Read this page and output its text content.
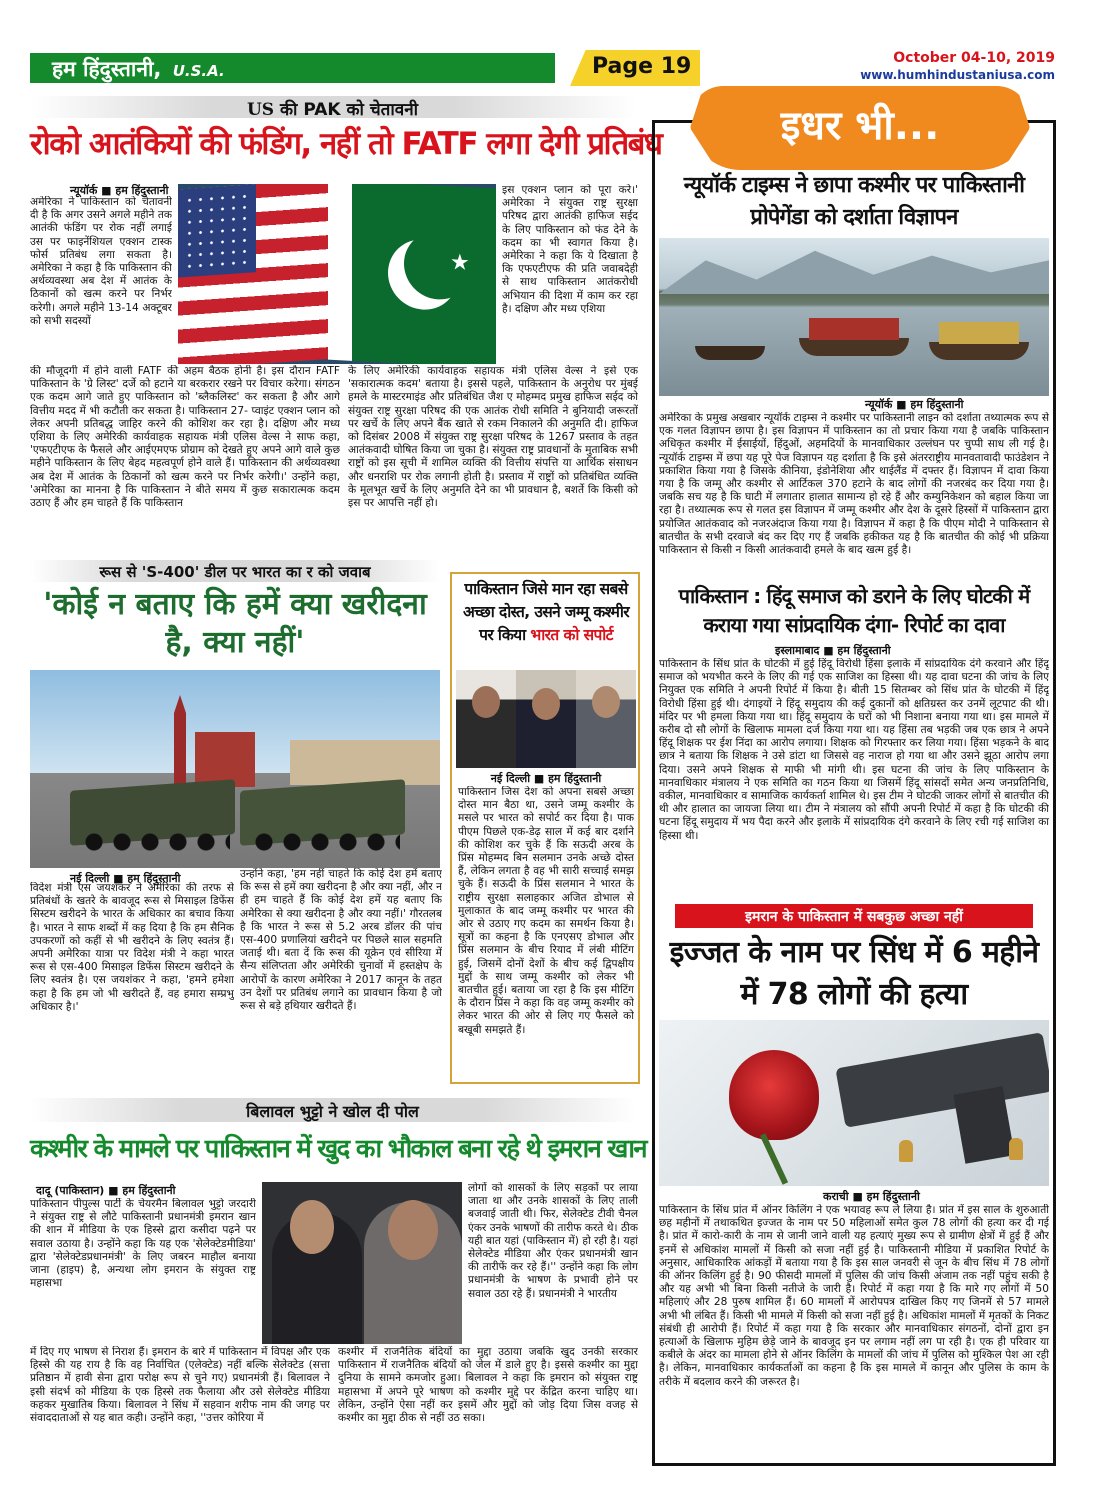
हम हिंदुस्तानी, U.S.A.	Page 19	October 04-10, 2019
www.humhindustaniusa.com
US की PAK को चेतावनी
रोको आतंकियों की फंडिंग, नहीं तो FATF लगा देगी प्रतिबंध
न्यूयॉर्क ■ हम हिंदुस्तानी
अमेरिका ने पाकिस्तान को चेतावनी दी है कि अगर उसने अगले महीने तक आतंकी फंडिंग पर रोक नहीं लगाई उस पर फाइनेंशियल एक्शन टास्क फोर्स प्रतिबंध लगा सकता है। अमेरिका ने कहा है कि पाकिस्तान की अर्थव्यवस्था अब देश में आतंक के ठिकानों को खत्म करने पर निर्भर करेगी। अगले महीने 13-14 अक्टूबर को सभी सदस्यों
★
इस एक्शन प्लान को पूरा करे।' अमेरिका ने संयुक्त राष्ट्र सुरक्षा परिषद द्वारा आतंकी हाफिज सईद के लिए पाकिस्तान को फंड देने के कदम का भी स्वागत किया है। अमेरिका ने कहा कि ये दिखाता है कि एफएटीएफ की प्रति जवाबदेही से साथ पाकिस्तान आतंकरोधी अभियान की दिशा में काम कर रहा है। दक्षिण और मध्य एशिया
की मौजूदगी में होने वाली FATF की अहम बैठक होनी है। इस दौरान FATF पाकिस्तान के 'ग्रे लिस्ट' दर्जे को हटाने या बरकरार रखने पर विचार करेगा। संगठन एक कदम आगे जाते हुए पाकिस्तान को 'ब्लैकलिस्ट' कर सकता है और आगे वित्तीय मदद में भी कटौती कर सकता है। पाकिस्तान 27- प्वाइंट एक्शन प्लान को लेकर अपनी प्रतिबद्ध जाहिर करने की कोशिश कर रहा है। दक्षिण और मध्य एशिया के लिए अमेरिकी कार्यवाहक सहायक मंत्री एलिस वेल्स ने साफ कहा, 'एफएटीएफ के फैसले और आईएमएफ प्रोग्राम को देखते हुए अपने आगे वाले कुछ महीने पाकिस्तान के लिए बेहद महत्वपूर्ण होने वाले हैं। पाकिस्तान की अर्थव्यवस्था अब देश में आतंक के ठिकानों को खत्म करने पर निर्भर करेगी।' उन्होंने कहा, 'अमेरिका का मानना है कि पाकिस्तान ने बीते समय में कुछ सकारात्मक कदम उठाए हैं और हम चाहते हैं कि पाकिस्तान
के लिए अमेरिकी कार्यवाहक सहायक मंत्री एलिस वेल्स ने इसे एक 'सकारात्मक कदम' बताया है। इससे पहले, पाकिस्तान के अनुरोध पर मुंबई हमले के मास्टरमाइंड और प्रतिबंधित जैश ए मोहम्मद प्रमुख हाफिज सईद को संयुक्त राष्ट्र सुरक्षा परिषद की एक आतंक रोधी समिति ने बुनियादी जरूरतों पर खर्चे के लिए अपने बैंक खाते से रकम निकालने की अनुमति दी। हाफिज को दिसंबर 2008 में संयुक्त राष्ट्र सुरक्षा परिषद के 1267 प्रस्ताव के तहत आतंकवादी घोषित किया जा चुका है। संयुक्त राष्ट्र प्रावधानों के मुताबिक सभी राष्ट्रों को इस सूची में शामिल व्यक्ति की वित्तीय संपत्ति या आर्थिक संसाधन और धनराशि पर रोक लगानी होती है। प्रस्ताव में राष्ट्रों को प्रतिबंधित व्यक्ति के मूलभूत खर्चे के लिए अनुमति देने का भी प्रावधान है, बशर्ते कि किसी को इस पर आपत्ति नहीं हो।
रूस से 'S-400' डील पर भारत का र को जवाब
'कोई न बताए कि हमें क्या खरीदना है, क्या नहीं'
नई दिल्ली ■ हम हिंदुस्तानी
विदेश मंत्री एस जयशंकर ने अमेरिका की तरफ से प्रतिबंधों के खतरे के बावजूद रूस से मिसाइल डिफेंस सिस्टम खरीदने के भारत के अधिकार का बचाव किया है। भारत ने साफ शब्दों में कह दिया है कि हम सैनिक उपकरणों को कहीं से भी खरीदने के लिए स्वतंत्र हैं। अपनी अमेरिका यात्रा पर विदेश मंत्री ने कहा भारत रूस से एस-400 मिसाइल डिफेंस सिस्टम खरीदने के लिए स्वतंत्र है। एस जयशंकर ने कहा, 'हमने हमेशा कहा है कि हम जो भी खरीदते हैं, वह हमारा सम्प्रभु अधिकार है।'
उन्होंने कहा, 'हम नहीं चाहते कि कोई देश हमें बताए कि रूस से हमें क्या खरीदना है और क्या नहीं, और न ही हम चाहते हैं कि कोई देश हमें यह बताए कि अमेरिका से क्या खरीदना है और क्या नहीं।' गौरतलब है कि भारत ने रूस से 5.2 अरब डॉलर की पांच एस-400 प्रणालियां खरीदने पर पिछले साल सहमति जताई थी। बता दें कि रूस की यूक्रेन एवं सीरिया में सैन्य संलिप्तता और अमेरिकी चुनावों में हस्तक्षेप के आरोपों के कारण अमेरिका ने 2017 कानून के तहत उन देशों पर प्रतिबंध लगाने का प्रावधान किया है जो रूस से बड़े हथियार खरीदते हैं।
पाकिस्तान जिसे मान रहा सबसे अच्छा दोस्त, उसने जम्मू कश्मीर पर किया भारत को सपोर्ट
नई दिल्ली ■ हम हिंदुस्तानी
पाकिस्तान जिस देश को अपना सबसे अच्छा दोस्त मान बैठा था, उसने जम्मू कश्मीर के मसले पर भारत को सपोर्ट कर दिया है। पाक पीएम पिछले एक-डेढ़ साल में कई बार दर्शाने की कोशिश कर चुके हैं कि सऊदी अरब के प्रिंस मोहम्मद बिन सलमान उनके अच्छे दोस्त हैं, लेकिन लगता है वह भी सारी सच्चाई समझ चुके हैं। सऊदी के प्रिंस सलमान ने भारत के राष्ट्रीय सुरक्षा सलाहकार अजित डोभाल से मुलाकात के बाद जम्मू कश्मीर पर भारत की ओर से उठाए गए कदम का समर्थन किया है। सूत्रों का कहना है कि एनएसए डोभाल और प्रिंस सलमान के बीच रियाद में लंबी मीटिंग हुई, जिसमें दोनों देशों के बीच कई द्विपक्षीय मुद्दों के साथ जम्मू कश्मीर को लेकर भी बातचीत हुई। बताया जा रहा है कि इस मीटिंग के दौरान प्रिंस ने कहा कि वह जम्मू कश्मीर को लेकर भारत की ओर से लिए गए फैसले को बखूबी समझते हैं।
बिलावल भुट्टो ने खोल दी पोल
कश्मीर के मामले पर पाकिस्तान में खुद का भौकाल बना रहे थे इमरान खान
दादू (पाकिस्तान) ■ हम हिंदुस्तानी
पाकिस्तान पीपुल्स पार्टी के चेयरमैन बिलावल भुट्टो जरदारी ने संयुक्त राष्ट्र से लौटे पाकिस्तानी प्रधानमंत्री इमरान खान की शान में मीडिया के एक हिस्से द्वारा कसीदा पढ़ने पर सवाल उठाया है। उन्होंने कहा कि यह एक 'सेलेक्टेडमीडिया' द्वारा 'सेलेक्टेडप्रधानमंत्री' के लिए जबरन माहौल बनाया जाना (हाइप) है, अन्यथा लोग इमरान के संयुक्त राष्ट्र महासभा
लोगों को शासकों के लिए सड़कों पर लाया जाता था और उनके शासकों के लिए ताली बजवाई जाती थी। फिर, सेलेक्टेड टीवी चैनल एंकर उनके भाषणों की तारीफ करते थे। ठीक यही बात यहां (पाकिस्तान में) हो रही है। यहां सेलेक्टेड मीडिया और एंकर प्रधानमंत्री खान की तारीफें कर रहे हैं।'' उन्होंने कहा कि लोग प्रधानमंत्री के भाषण के प्रभावी होने पर सवाल उठा रहे हैं। प्रधानमंत्री ने भारतीय
में दिए गए भाषण से निराश हैं। इमरान के बारे में पाकिस्तान में विपक्ष और एक हिस्से की यह राय है कि वह निर्वाचित (एलेक्टेड) नहीं बल्कि सेलेक्टेड (सत्ता प्रतिष्ठान में हावी सेना द्वारा परोक्ष रूप से चुने गए) प्रधानमंत्री हैं। बिलावल ने इसी संदर्भ को मीडिया के एक हिस्से तक फैलाया और उसे सेलेक्टेड मीडिया कहकर मुखातिब किया। बिलावल ने सिंध में सहवान शरीफ नाम की जगह पर संवाददाताओं से यह बात कही। उन्होंने कहा, ''उत्तर कोरिया में
कश्मीर में राजनैतिक बंदियों का मुद्दा उठाया जबकि खुद उनकी सरकार पाकिस्तान में राजनैतिक बंदियों को जेल में डाले हुए है। इससे कश्मीर का मुद्दा दुनिया के सामने कमजोर हुआ। बिलावल ने कहा कि इमरान को संयुक्त राष्ट्र महासभा में अपने पूरे भाषण को कश्मीर मुद्दे पर केंद्रित करना चाहिए था। लेकिन, उन्होंने ऐसा नहीं कर इसमें और मुद्दों को जोड़ दिया जिस वजह से कश्मीर का मुद्दा ठीक से नहीं उठ सका।
इधर भी...
न्यूयॉर्क टाइम्स ने छापा कश्मीर पर पाकिस्तानी प्रोपेगेंडा को दर्शाता विज्ञापन
न्यूयॉर्क ■ हम हिंदुस्तानी
अमेरिका के प्रमुख अखबार न्यूयॉर्क टाइम्स ने कश्मीर पर पाकिस्तानी लाइन को दर्शाता तथ्यात्मक रूप से एक गलत विज्ञापन छापा है। इस विज्ञापन में पाकिस्तान का तो प्रचार किया गया है जबकि पाकिस्तान अधिकृत कश्मीर में ईसाईयों, हिंदुओं, अहमदियों के मानवाधिकार उल्लंघन पर चुप्पी साध ली गई है। न्यूयॉर्क टाइम्स में छपा यह पूरे पेज विज्ञापन यह दर्शाता है कि इसे अंतरराष्ट्रीय मानवतावादी फाउंडेशन ने प्रकाशित किया गया है जिसके कीनिया, इंडोनेशिया और थाईलैंड में दफ्तर हैं। विज्ञापन में दावा किया गया है कि जम्मू और कश्मीर से आर्टिकल 370 हटाने के बाद लोगों की नजरबंद कर दिया गया है। जबकि सच यह है कि घाटी में लगातार हालात सामान्य हो रहे हैं और कम्युनिकेशन को बहाल किया जा रहा है। तथ्यात्मक रूप से गलत इस विज्ञापन में जम्मू कश्मीर और देश के दूसरे हिस्सों में पाकिस्तान द्वारा प्रयोजित आतंकवाद को नजरअंदाज किया गया है। विज्ञापन में कहा है कि पीएम मोदी ने पाकिस्तान से बातचीत के सभी दरवाजे बंद कर दिए गए हैं जबकि हकीकत यह है कि बातचीत की कोई भी प्रक्रिया पाकिस्तान से किसी न किसी आतंकवादी हमले के बाद खत्म हुई है।
पाकिस्तान : हिंदू समाज को डराने के लिए घोटकी में कराया गया सांप्रदायिक दंगा- रिपोर्ट का दावा
इस्लामाबाद ■ हम हिंदुस्तानी
पाकिस्तान के सिंध प्रांत के घोटकी में हुई हिंदू विरोधी हिंसा इलाके में सांप्रदायिक दंगे करवाने और हिंदू समाज को भयभीत करने के लिए की गई एक साजिश का हिस्सा थी। यह दावा घटना की जांच के लिए नियुक्त एक समिति ने अपनी रिपोर्ट में किया है। बीती 15 सितम्बर को सिंध प्रांत के घोटकी में हिंदू विरोधी हिंसा हुई थी। दंगाइयों ने हिंदू समुदाय की कई दुकानों को क्षतिग्रस्त कर उनमें लूटपाट की थी। मंदिर पर भी हमला किया गया था। हिंदू समुदाय के घरों को भी निशाना बनाया गया था। इस मामले में करीब दो सौ लोगों के खिलाफ मामला दर्ज किया गया था। यह हिंसा तब भड़की जब एक छात्र ने अपने हिंदू शिक्षक पर ईश निंदा का आरोप लगाया। शिक्षक को गिरफ्तार कर लिया गया। हिंसा भड़कने के बाद छात्र ने बताया कि शिक्षक ने उसे डांटा था जिससे वह नाराज हो गया था और उसने झूठा आरोप लगा दिया। उसने अपने शिक्षक से माफी भी मांगी थी। इस घटना की जांच के लिए पाकिस्तान के मानवाधिकार मंत्रालय ने एक समिति का गठन किया था जिसमें हिंदू सांसदों समेत अन्य जनप्रतिनिधि, वकील, मानवाधिकार व सामाजिक कार्यकर्ता शामिल थे। इस टीम ने घोटकी जाकर लोगों से बातचीत की थी और हालात का जायजा लिया था। टीम ने मंत्रालय को सौंपी अपनी रिपोर्ट में कहा है कि घोटकी की घटना हिंदू समुदाय में भय पैदा करने और इलाके में सांप्रदायिक दंगे करवाने के लिए रची गई साजिश का हिस्सा थी।
इमरान के पाकिस्तान में सबकुछ अच्छा नहीं
इज्जत के नाम पर सिंध में 6 महीने में 78 लोगों की हत्या
कराची ■ हम हिंदुस्तानी
पाकिस्तान के सिंध प्रांत में ऑनर किलिंग ने एक भयावह रूप ले लिया है। प्रांत में इस साल के शुरुआती छह महीनों में तथाकथित इज्जत के नाम पर 50 महिलाओं समेत कुल 78 लोगों की हत्या कर दी गई है। प्रांत में कारो-कारी के नाम से जानी जाने वाली यह हत्याएं मुख्य रूप से ग्रामीण क्षेत्रों में हुई हैं और इनमें से अधिकांश मामलों में किसी को सजा नहीं हुई है। पाकिस्तानी मीडिया में प्रकाशित रिपोर्ट के अनुसार, आधिकारिक आंकड़ों में बताया गया है कि इस साल जनवरी से जून के बीच सिंध में 78 लोगों की ऑनर किलिंग हुई है। 90 फीसदी मामलों में पुलिस की जांच किसी अंजाम तक नहीं पहुंच सकी है और यह अभी भी बिना किसी नतीजे के जारी है। रिपोर्ट में कहा गया है कि मारे गए लोगों में 50 महिलाएं और 28 पुरुष शामिल हैं। 60 मामलों में आरोपपत्र दाखिल किए गए जिनमें से 57 मामले अभी भी लंबित हैं। किसी भी मामले में किसी को सजा नहीं हुई है। अधिकांश मामलों में मृतकों के निकट संबंधी ही आरोपी हैं। रिपोर्ट में कहा गया है कि सरकार और मानवाधिकार संगठनों, दोनों द्वारा इन हत्याओं के खिलाफ मुहिम छेड़े जाने के बावजूद इन पर लगाम नहीं लग पा रही है। एक ही परिवार या कबीले के अंदर का मामला होने से ऑनर किलिंग के मामलों की जांच में पुलिस को मुश्किल पेश आ रही है। लेकिन, मानवाधिकार कार्यकर्ताओं का कहना है कि इस मामले में कानून और पुलिस के काम के तरीके में बदलाव करने की जरूरत है।
